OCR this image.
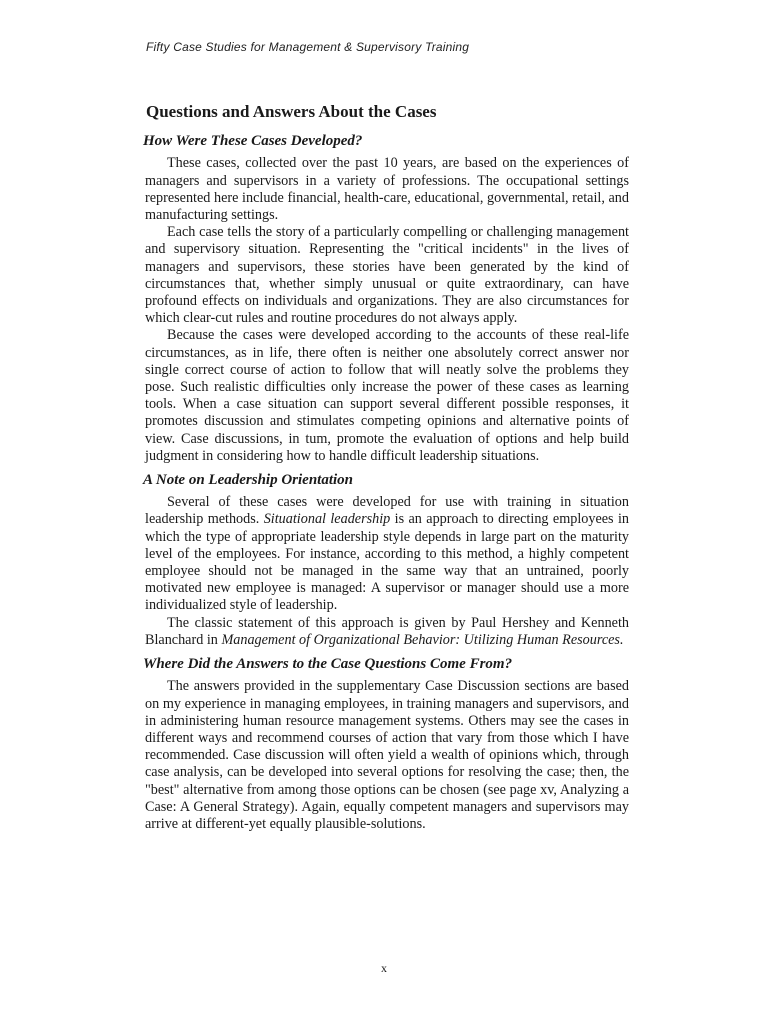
Fifty Case Studies for Management & Supervisory Training
Questions and Answers About the Cases
How Were These Cases Developed?

These cases, collected over the past 10 years, are based on the experiences of managers and supervisors in a variety of professions. The occupational settings represented here include financial, health-care, educational, governmental, retail, and manufacturing settings.

Each case tells the story of a particularly compelling or challenging management and supervisory situation. Representing the "critical incidents" in the lives of managers and supervisors, these stories have been generated by the kind of circumstances that, whether simply unusual or quite extraordinary, can have profound effects on individuals and organizations. They are also circumstances for which clear-cut rules and routine procedures do not always apply.

Because the cases were developed according to the accounts of these real-life circumstances, as in life, there often is neither one absolutely correct answer nor single correct course of action to follow that will neatly solve the problems they pose. Such realistic difficulties only increase the power of these cases as learning tools. When a case situation can support several different possible responses, it promotes discussion and stimulates competing opinions and alternative points of view. Case discussions, in tum, promote the evaluation of options and help build judgment in considering how to handle difficult leadership situations.

A Note on Leadership Orientation

Several of these cases were developed for use with training in situation leadership methods. Situational leadership is an approach to directing employees in which the type of appropriate leadership style depends in large part on the maturity level of the employees. For instance, according to this method, a highly competent employee should not be managed in the same way that an untrained, poorly motivated new employee is managed: A supervisor or manager should use a more individualized style of leadership.

The classic statement of this approach is given by Paul Hershey and Kenneth Blanchard in Management of Organizational Behavior: Utilizing Human Resources.

Where Did the Answers to the Case Questions Come From?

The answers provided in the supplementary Case Discussion sections are based on my experience in managing employees, in training managers and supervisors, and in administering human resource management systems. Others may see the cases in different ways and recommend courses of action that vary from those which I have recommended. Case discussion will often yield a wealth of opinions which, through case analysis, can be developed into several options for resolving the case; then, the "best" alternative from among those options can be chosen (see page xv, Analyzing a Case: A General Strategy). Again, equally competent managers and supervisors may arrive at different-yet equally plausible-solutions.

x
